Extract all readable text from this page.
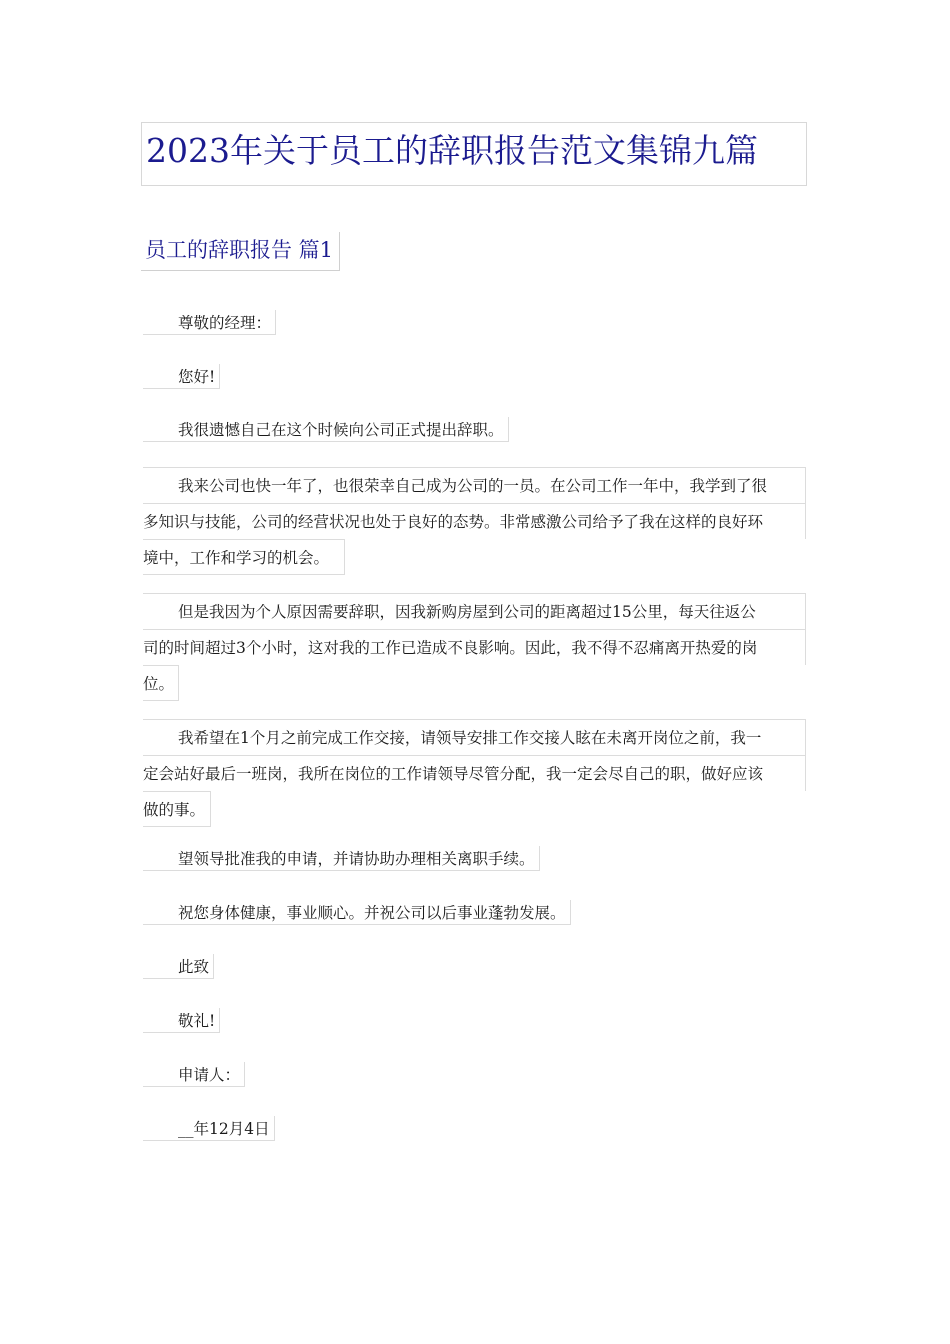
2023年关于员工的辞职报告范文集锦九篇
员工的辞职报告 篇1
尊敬的经理：
您好!
我很遗憾自己在这个时候向公司正式提出辞职。
我来公司也快一年了，也很荣幸自己成为公司的一员。在公司工作一年中，我学到了很
多知识与技能，公司的经营状况也处于良好的态势。非常感激公司给予了我在这样的良好环
境中，工作和学习的机会。
但是我因为个人原因需要辞职，因我新购房屋到公司的距离超过15公里，每天往返公
司的时间超过3个小时，这对我的工作已造成不良影响。因此，我不得不忍痛离开热爱的岗
位。
我希望在1个月之前完成工作交接，请领导安排工作交接人眩在未离开岗位之前，我一
定会站好最后一班岗，我所在岗位的工作请领导尽管分配，我一定会尽自己的职，做好应该
做的事。
望领导批准我的申请，并请协助办理相关离职手续。
祝您身体健康，事业顺心。并祝公司以后事业蓬勃发展。
此致
敬礼!
申请人：
__年12月4日
